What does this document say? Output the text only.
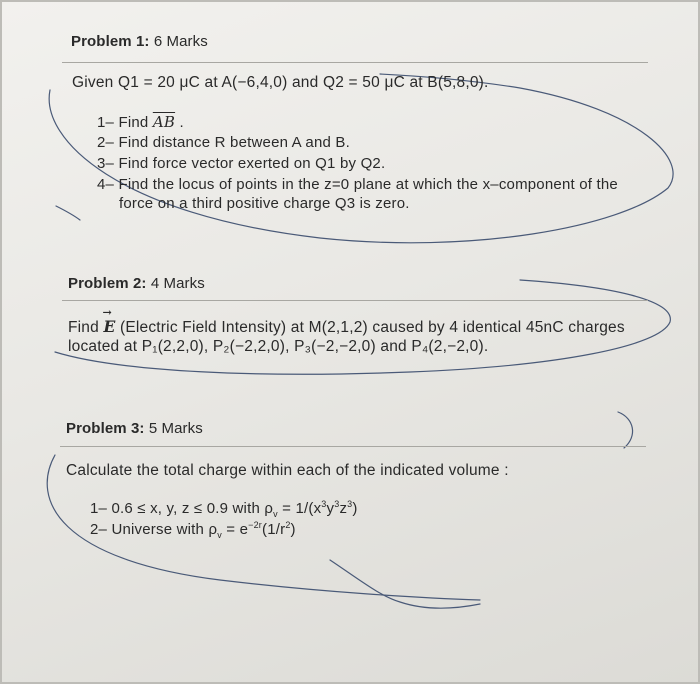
Problem 1: 6 Marks
Given Q1 = 20 μC at A(−6,4,0) and Q2 = 50 μC at B(5,8,0).
1– Find $\overline{AB}$ .
2– Find distance R between A and B.
3– Find force vector exerted on Q1 by Q2.
4– Find the locus of points in the z=0 plane at which the x–component of the
force on a third positive charge Q3 is zero.
Problem 2: 4 Marks
Find → E (Electric Field Intensity) at M(2,1,2) caused by 4 identical 45nC charges
located at P₁(2,2,0), P₂(−2,2,0), P₃(−2,−2,0) and P₄(2,−2,0).
Problem 3: 5 Marks
Calculate the total charge within each of the indicated volume :
1– 0.6 ≤ x, y, z ≤ 0.9 with $\rho_v = 1/(x^3y^3z^3)$
2– Universe with $\rho_v = e^{-2r}(1/r^2)$
